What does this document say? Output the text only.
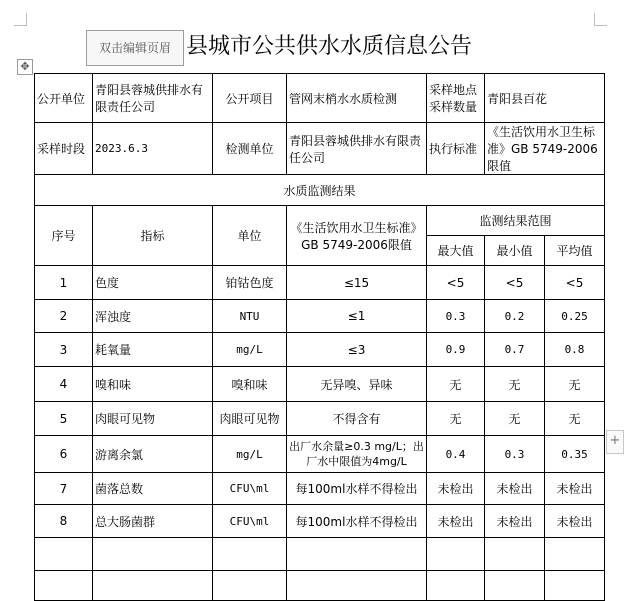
双击编辑页眉 县城市公共供水水质信息公告
✥
+
公开单位	青阳县蓉城供排水有限责任公司	公开项目	管网末梢水水质检测	采样地点采样数量	青阳县百花	
采样时段	2023.6.3	检测单位	青阳县蓉城供排水有限责任公司	执行标准	《生活饮用水卫生标准》GB 5749-2006限值	
水质监测结果						
序号	指标	单位	《生活饮用水卫生标准》GB 5749-2006限值	监测结果范围		
				最大值	最小值	平均值
1	色度	铂钴色度	≤15	<5	<5	<5
2	浑浊度	NTU	≤1	0.3	0.2	0.25
3	耗氧量	mg/L	≤3	0.9	0.7	0.8
4	嗅和味	嗅和味	无异嗅、异味	无	无	无
5	肉眼可见物	肉眼可见物	不得含有	无	无	无
6	游离余氯	mg/L	出厂水余量≥0.3 mg/L；出厂水中限值为4mg/L	0.4	0.3	0.35
7	菌落总数	CFU\ml	每100ml水样不得检出	未检出	未检出	未检出
8	总大肠菌群	CFU\ml	每100ml水样不得检出	未检出	未检出	未检出
